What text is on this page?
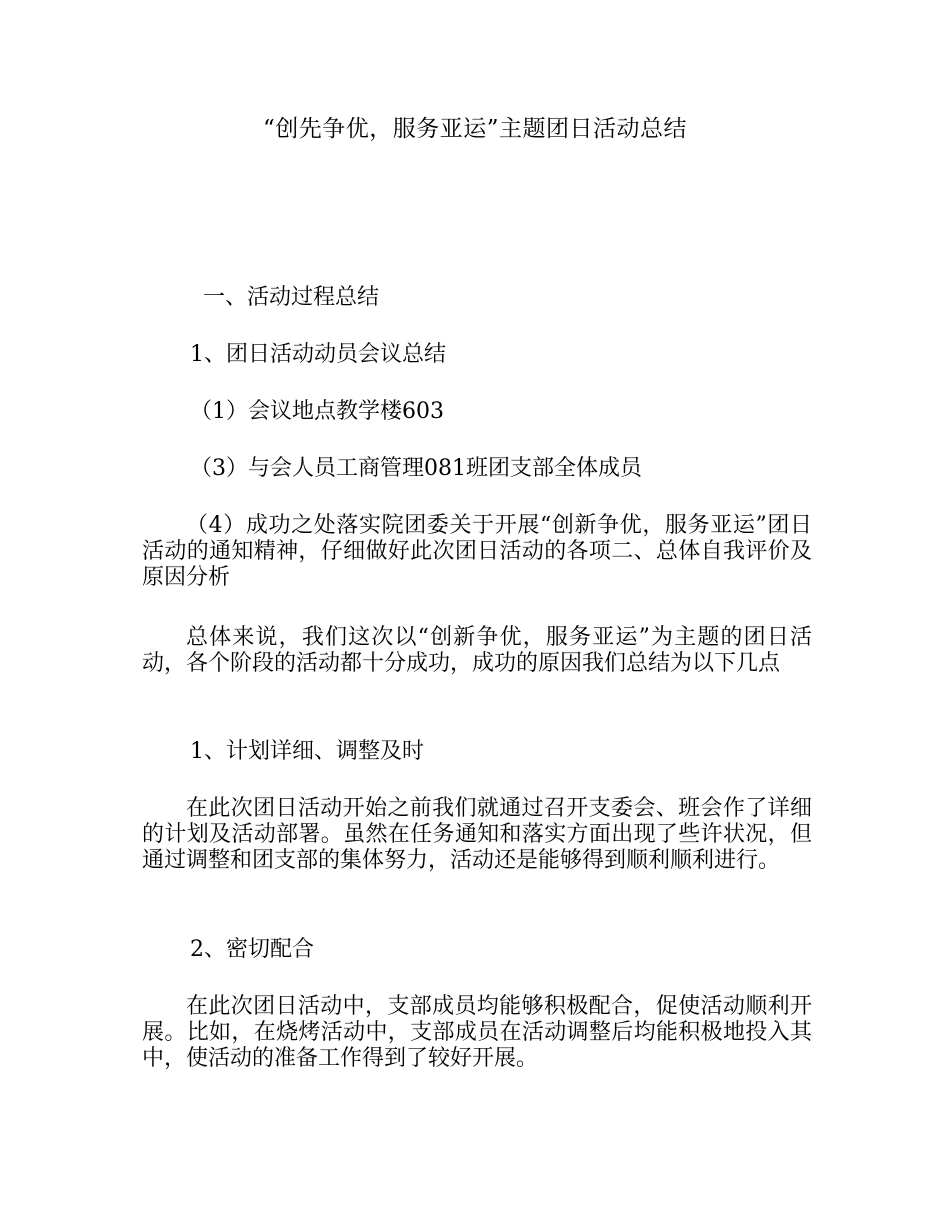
“创先争优，服务亚运”主题团日活动总结

一、活动过程总结

1、团日活动动员会议总结

（1）会议地点教学楼603

（3）与会人员工商管理081班团支部全体成员

（4）成功之处落实院团委关于开展“创新争优，服务亚运”团日活动的通知精神，仔细做好此次团日活动的各项二、总体自我评价及原因分析

总体来说，我们这次以“创新争优，服务亚运”为主题的团日活动，各个阶段的活动都十分成功，成功的原因我们总结为以下几点

1、计划详细、调整及时

在此次团日活动开始之前我们就通过召开支委会、班会作了详细的计划及活动部署。虽然在任务通知和落实方面出现了些许状况，但通过调整和团支部的集体努力，活动还是能够得到顺利顺利进行。

2、密切配合

在此次团日活动中，支部成员均能够积极配合，促使活动顺利开展。比如，在烧烤活动中，支部成员在活动调整后均能积极地投入其中，使活动的准备工作得到了较好开展。
